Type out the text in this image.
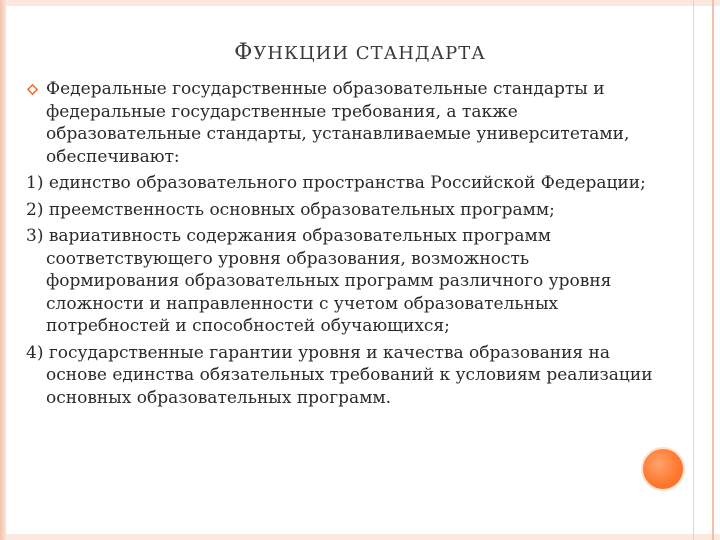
ФУНКЦИИ СТАНДАРТА
Федеральные государственные образовательные стандарты и федеральные государственные требования, а также образовательные стандарты, устанавливаемые университетами, обеспечивают:
1) единство образовательного пространства Российской Федерации;
2) преемственность основных образовательных программ;
3) вариативность содержания образовательных программ соответствующего уровня образования, возможность формирования образовательных программ различного уровня сложности и направленности с учетом образовательных потребностей и способностей обучающихся;
4) государственные гарантии уровня и качества образования на основе единства обязательных требований к условиям реализации основных образовательных программ.
